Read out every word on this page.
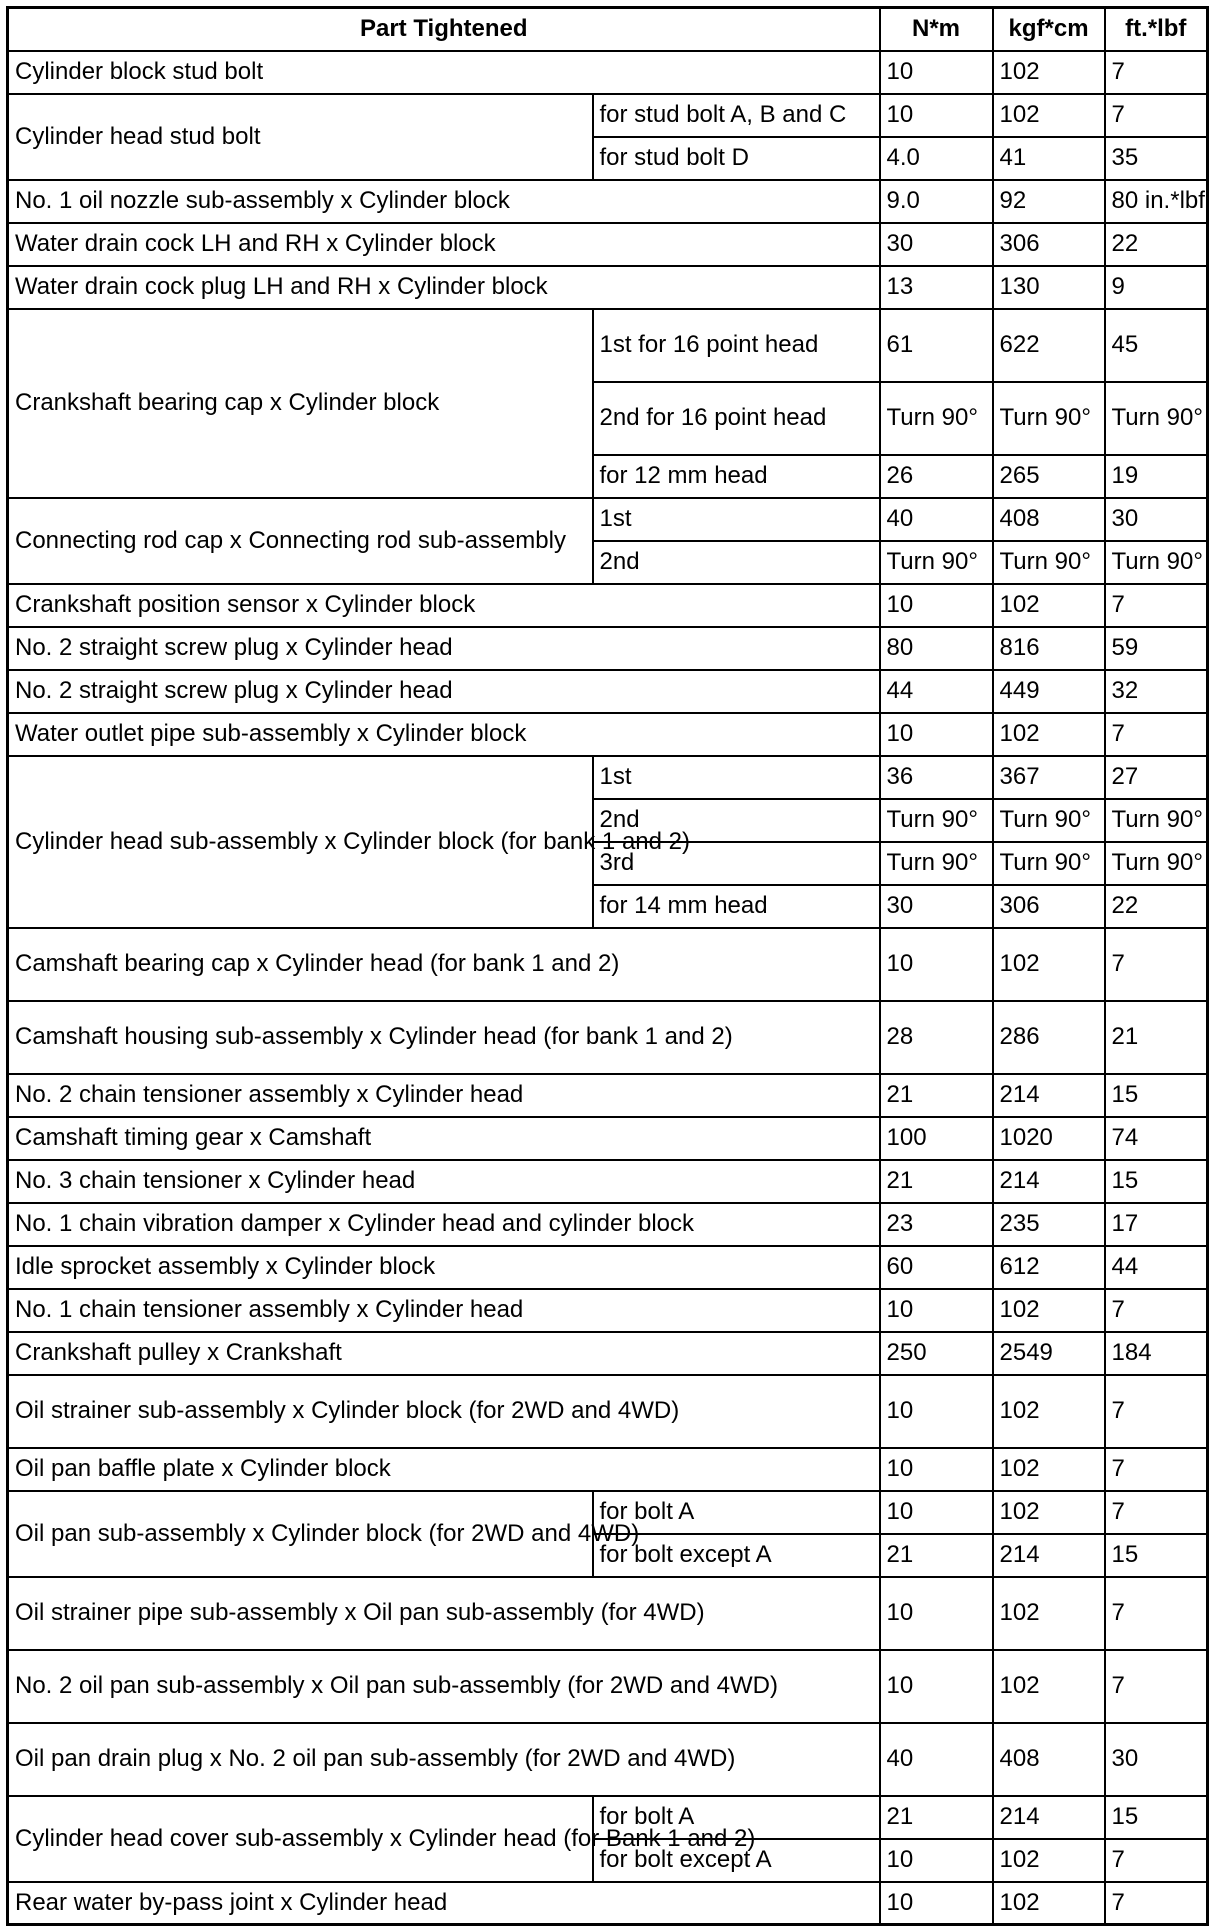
Part Tightened		N*m	kgf*cm	ft.*lbf
Cylinder block stud bolt		10	102	7
Cylinder head stud bolt	for stud bolt A, B and C	10	102	7
	for stud bolt D	4.0	41	35
No. 1 oil nozzle sub-assembly x Cylinder block		9.0	92	80 in.*lbf
Water drain cock LH and RH x Cylinder block		30	306	22
Water drain cock plug LH and RH x Cylinder block		13	130	9
Crankshaft bearing cap x Cylinder block	1st for 16 point head	61	622	45
	2nd for 16 point head	Turn 90°	Turn 90°	Turn 90°
	for 12 mm head	26	265	19
Connecting rod cap x Connecting rod sub-assembly	1st	40	408	30
	2nd	Turn 90°	Turn 90°	Turn 90°
Crankshaft position sensor x Cylinder block		10	102	7
No. 2 straight screw plug x Cylinder head		80	816	59
No. 2 straight screw plug x Cylinder head		44	449	32
Water outlet pipe sub-assembly x Cylinder block		10	102	7
Cylinder head sub-assembly x Cylinder block (for bank 1 and 2)	1st	36	367	27
	2nd	Turn 90°	Turn 90°	Turn 90°
	3rd	Turn 90°	Turn 90°	Turn 90°
	for 14 mm head	30	306	22
Camshaft bearing cap x Cylinder head (for bank 1 and 2)		10	102	7
Camshaft housing sub-assembly x Cylinder head (for bank 1 and 2)		28	286	21
No. 2 chain tensioner assembly x Cylinder head		21	214	15
Camshaft timing gear x Camshaft		100	1020	74
No. 3 chain tensioner x Cylinder head		21	214	15
No. 1 chain vibration damper x Cylinder head and cylinder block		23	235	17
Idle sprocket assembly x Cylinder block		60	612	44
No. 1 chain tensioner assembly x Cylinder head		10	102	7
Crankshaft pulley x Crankshaft		250	2549	184
Oil strainer sub-assembly x Cylinder block (for 2WD and 4WD)		10	102	7
Oil pan baffle plate x Cylinder block		10	102	7
Oil pan sub-assembly x Cylinder block (for 2WD and 4WD)	for bolt A	10	102	7
	for bolt except A	21	214	15
Oil strainer pipe sub-assembly x Oil pan sub-assembly (for 4WD)		10	102	7
No. 2 oil pan sub-assembly x Oil pan sub-assembly (for 2WD and 4WD)		10	102	7
Oil pan drain plug x No. 2 oil pan sub-assembly (for 2WD and 4WD)		40	408	30
Cylinder head cover sub-assembly x Cylinder head (for Bank 1 and 2)	for bolt A	21	214	15
	for bolt except A	10	102	7
Rear water by-pass joint x Cylinder head		10	102	7
